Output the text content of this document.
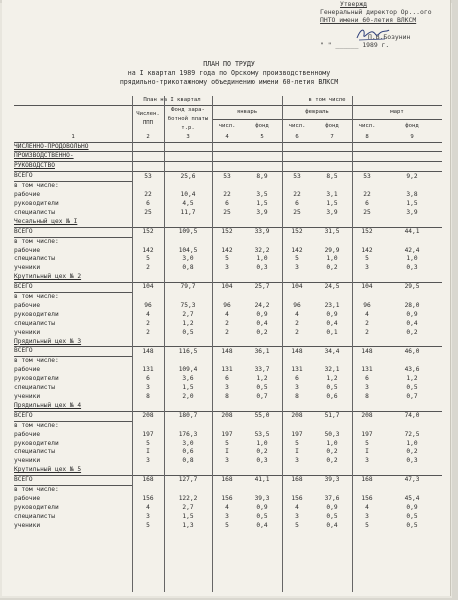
Утвержд
Генеральный директор Ор...ого
ПНТО имени 60-летия ВЛКСМ
П.В.Бозунин
" " ______ 1989 г.
ПЛАН ПО ТРУДУ
на I квартал 1989 года по Орскому производственному
прядильно-трикотажному объединению имени 60-летия ВЛКСМ
	План на I квартал		в том числе					
	Числен. ППП	Фонд зара- ботной платы т.р.	январь		февраль		март	
			числ.	фонд	числ.	фонд	числ.	фонд
1	2	3	4	5	6	7	8	9
ЧИСЛЕННО-ПРОДОВОЛЬНО								
ПРОИЗВОДСТВЕННО-								
РУКОВОДСТВО								
ВСЕГО	53	25,6	53	8,9	53	8,5	53	9,2
в том числе:								
рабочие	22	10,4	22	3,5	22	3,1	22	3,8
руководители	6	4,5	6	1,5	6	1,5	6	1,5
специалисты	25	11,7	25	3,9	25	3,9	25	3,9
Чесальный цех № I								
ВСЕГО	152	109,5	152	33,9	152	31,5	152	44,1
в том числе:								
рабочие	142	104,5	142	32,2	142	29,9	142	42,4
специалисты	5	3,0	5	1,0	5	1,0	5	1,0
ученики	2	0,8	3	0,3	3	0,2	3	0,3
Крутильный цех № 2								
ВСЕГО	104	79,7	104	25,7	104	24,5	104	29,5
в том числе:								
рабочие	96	75,3	96	24,2	96	23,1	96	28,0
руководители	4	2,7	4	0,9	4	0,9	4	0,9
специалисты	2	1,2	2	0,4	2	0,4	2	0,4
ученики	2	0,5	2	0,2	2	0,1	2	0,2
Прядильный цех № 3								
ВСЕГО	148	116,5	148	36,1	148	34,4	148	46,0
в том числе:								
рабочие	131	109,4	131	33,7	131	32,1	131	43,6
руководители	6	3,6	6	1,2	6	1,2	6	1,2
специалисты	3	1,5	3	0,5	3	0,5	3	0,5
ученики	8	2,0	8	0,7	8	0,6	8	0,7
Прядильный цех № 4								
ВСЕГО	208	180,7	208	55,0	208	51,7	208	74,0
в том числе:								
рабочие	197	176,3	197	53,5	197	50,3	197	72,5
руководители	5	3,0	5	1,0	5	1,0	5	1,0
специалисты	I	0,6	I	0,2	I	0,2	I	0,2
ученики	3	0,8	3	0,3	3	0,2	3	0,3
Крутильный цех № 5								
ВСЕГО	168	127,7	168	41,1	168	39,3	168	47,3
в том числе:								
рабочие	156	122,2	156	39,3	156	37,6	156	45,4
руководители	4	2,7	4	0,9	4	0,9	4	0,9
специалисты	3	1,5	3	0,5	3	0,5	3	0,5
ученики	5	1,3	5	0,4	5	0,4	5	0,5
